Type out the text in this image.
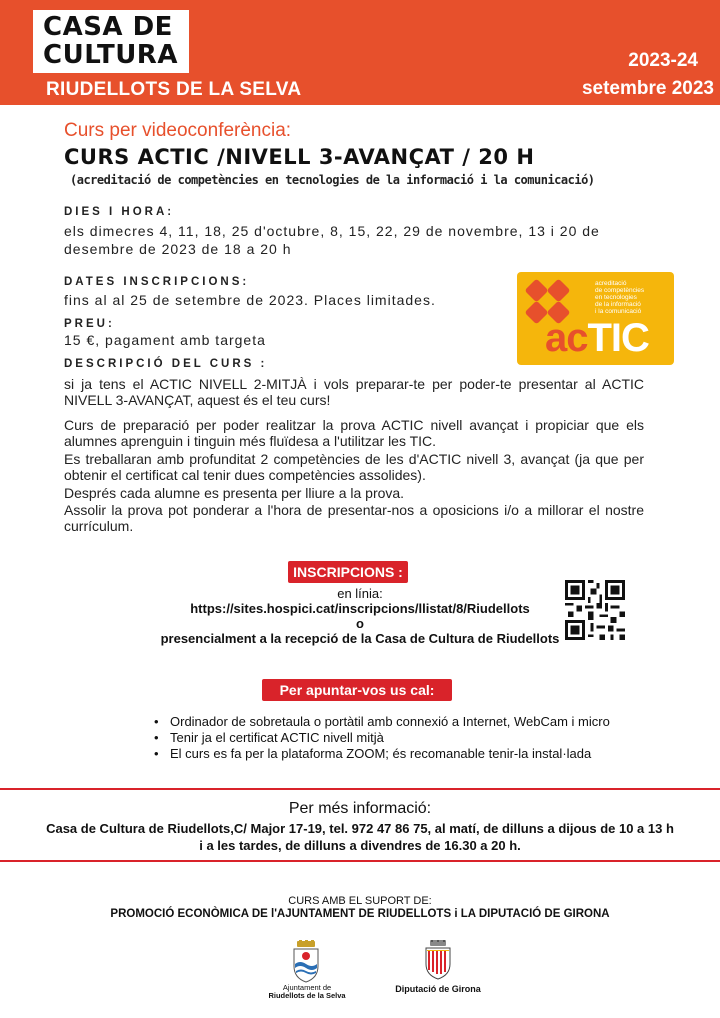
CASA DE
CULTURA
RIUDELLOTS DE LA SELVA
2023-24
setembre 2023
Curs per videoconferència:
CURS ACTIC /NIVELL 3-AVANÇAT / 20 H
(acreditació de competències en tecnologies de la informació i la comunicació)
DIES I HORA:
els dimecres 4, 11, 18, 25 d'octubre, 8, 15, 22, 29 de novembre, 13 i 20 de
desembre de 2023 de 18 a 20 h
DATES INSCRIPCIONS:
fins al al 25 de setembre de 2023. Places limitades.
PREU:
15 €, pagament amb targeta
acreditació
de competències
en tecnologies
de la informació
i la comunicació
acTIC
DESCRIPCIÓ DEL CURS :
si ja tens el ACTIC NIVELL 2-MITJÀ i vols preparar-te per poder-te presentar al ACTIC NIVELL 3-AVANÇAT, aquest és el teu curs!
Curs de preparació per poder realitzar la prova ACTIC nivell avançat i propiciar que els alumnes aprenguin i tinguin més fluïdesa a l'utilitzar les TIC.
Es treballaran amb profunditat 2 competències de les d'ACTIC nivell 3, avançat (ja que per obtenir el certificat cal tenir dues competències assolides).
Després cada alumne es presenta per lliure a la prova.
Assolir la prova pot ponderar a l'hora de presentar-nos a oposicions i/o a millorar el nostre currículum.
INSCRIPCIONS :
en línia:
https://sites.hospici.cat/inscripcions/llistat/8/Riudellots
o
presencialment a la recepció de la Casa de Cultura de Riudellots
Per apuntar-vos us cal:
• Ordinador de sobretaula o portàtil amb connexió a Internet, WebCam i micro
• Tenir ja el certificat ACTIC nivell mitjà
• El curs es fa per la plataforma ZOOM; és recomanable tenir-la instal·lada
Per més informació:
Casa de Cultura de Riudellots,C/ Major 17-19, tel. 972 47 86 75, al matí, de dilluns a dijous de 10 a 13 h
i a les tardes, de dilluns a divendres de 16.30 a 20 h.
CURS AMB EL SUPORT DE:
PROMOCIÓ ECONÒMICA DE l'AJUNTAMENT DE RIUDELLOTS i LA DIPUTACIÓ DE GIRONA
Ajuntament de
Riudellots de la Selva
Diputació de Girona
